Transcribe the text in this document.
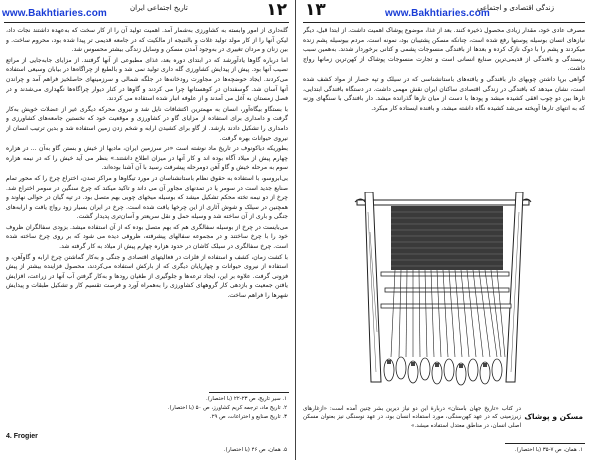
www.Bakhtiaries.com	تاریخ اجتماعی ایران	۱۲

گله‌داری از امور وابسته به کشاورزی به‌شمار آمد. اهمیت تولید آن را از کار سخت که به‌عهده داشتند نجات داد، لیکن آنها را از کار مولد تولید غلات و بالنتیجه از مالکیت که در جامعه قدیمی تر پیدا شده بود، محروم ساخت. و بین زنان و مردان تغییری در به‌وجود آمدن مسکن و وسایل زندگی بیشتر محسوس شد.

اما درباره گاوها یادآورشد که در ابتدای دوره بعد، غذای مطبوعی از آنها گرفتند. از مزایای جابه‌جایی از مراتع نصیب آنها بود. پیش از پیدایش کشاورزی گله داری تولید نمی شد و بالطبع از چراگاه‌ها در بیابان وسیعی استفاده می‌کردند. ایجاد حوضچه‌ها در مجاورت رودخانه‌ها در جلگه شمالی و سرزمینهای حاصلخیز فراهم آمد و چراندن آنها آسان شد. گوسفندان در کوهستانها چرا می کردند و گاوها در کنار دیوار چراگاه‌ها نگهداری می‌شدند و در فصل زمستان به آغل می آمدند و از علوفه انبار شده استفاده می کردند.

با بستگاو بیگاه‌آور، انسان به مهمترین اکتشافات نایل شد و نیروی محرکه دیگری غیر از عضلات خویش به‌کار گرفت و دامداری برای استفاده از مزایای گاو در کشاورزی و موقعیت خود که نخستین جامعه‌های کشاورزی و دامداری را تشکیل دادند بازشد. از گاو برای کشیدن ارابه و شخم زدن زمین استفاده شد و بدین ترتیب انسان از نیروی حیوانات بهره گرفت.

بطوریکه دیاکونوف در تاریخ ماد نوشته است «در سرزمین ایران، مادیها از خیش و بستن گاو به‌آن ... در هزاره چهارم پیش از میلاد آگاه بوده اند و کار آنها در میزان اطلاع داشتند.» بنظر می آید خیش را که در نیمه هزاره سوم به مرحله خیش و گاو آهن دومرحله پیشرفت رسید با آن آشنا بوده‌اند.

بی‌ابروسو، با استفاده به حقوق نظام باستانشناسان در مورد تیگاوها و مراکز تمدن، اختراع چرخ را که محور تمام صنایع جدید است در سومر یا در تمدنهای مجاور آن می داند و تاکید میکند که چرخ سنگین در سومر اختراع شد. چرخ از دو نیمه تخته محکم تشکیل میشد که بوسیله میخهای چوبی بهم متصل بود. در تپه گیان در حوالی نهاوند و همچنین در سیلک و شوش آثاری از این چرخها یافت شده است. چرخ در ایران بسیار زود رواج یافت و ارابه‌های جنگی و باری از آن ساخته شد و وسیله حمل و نقل سریعتر و آسان‌تری پدیدار گشت.

می‌بایست در چرخ از بوسیله سفالگری هم که بهم متصل بوده که از آن استفاده میشد. بزودی سفالگران ظروف خود را با چرخ ساختند و در مجموعه سفالهای پیشرفته، ظروفی دیده می شود که بر روی چرخ ساخته شده است. چرخ سفالگری در سیلک کاشان در حدود هزاره چهارم پیش از میلاد به کار گرفته شد.

با کشت زمان، کشف و استفاده از فلزات در فعالیتهای اقتصادی و جنگی و به‌کار گماشتن چرخ ارابه و گاوآهن، و استفاده از نیروی حیوانات و چهارپایان دیگری که از بارکش استفاده می‌کردند، محصول فزاینده بیشتر از پیش فزونی گرفت. علاوه بر این، ایجاد ترعه‌ها و جلوگیری از طغیان رودها و به‌کار گرفتن آب آنها در زراعت، افزایش یافتن جمعیت و بازدهی کار گروههای کشاورزی را به‌همراه آورد و فرصت تقسیم کار و تشکیل طبقات و پیدایش شهرها را فراهم ساخت.

۱. سیر تاریخ، ص ۲۳-۲۲ (با اختصار).
۲. تاریخ ماد، ترجمه کریم کشاورز، ص ۵۰ (با اختصار).
۳. تاریخ صنایع و اختراعات، ص ۲۹.
4. Frogier
۵. همان، ص ۴۶ (با اختصار).
۱۳	www.Bakhtiaries.com
زندگی اقتصادی و اجتماعی

مصرف عادی خود، مقدار زیادی محصول ذخیره کنند. بعد از غذا، موضوع پوشاک اهمیت داشت. از ابتدا قبل، دیگر نیازهای انسان بوسیله پوستها رفع شده است، چنانکه مسکن پشتیبان بود، نمونه است. مردم بیوسیله پشم زنده میکردند و پشم را با دوک نازک کرده و بعدها از بافندگی منسوجات پشمی و کتانی برخوردار شدند. به‌همین سبب ریسندگی و بافندگی از قدیمی‌ترین صنایع انسانی است و تجارت منسوجات پوشاک از کهن‌ترین زمانها رواج داشت.

گواهی برپا داشتن چوبهای دار بافندگی و یافته‌های باستانشناسی که در سیلک و تپه حصار از مواد کشف شده است، نشان میدهد که بافندگی در زندگی اقتصادی ساکنان ایران نقش مهمی داشت. در دستگاه بافندگی ابتدایی، تارها بین دو چوب افقی کشیده میشد و پودها با دست از میان تارها گذرانده میشد. دار بافندگی با سنگهای وزنه که به انتهای تارها آویخته می‌شد کشیده نگاه داشته میشد، و بافنده ایستاده کار میکرد.

مسکن و پوشاک
در کتاب «تاریخ جهان باستان» دربارهٔ این دو نیاز دیرین بشر چنین آمده است: «ازغارهای زیرزمینی که در عهد کهن‌سنگی، مورد استفاده انسان بود، در عهد نوسنگی نیز بعنوان مسکن اصلی انسان، در مناطق معتدل استفاده میشد.»
۱. همان، ص ۷-۳۵ (با اختصار).
